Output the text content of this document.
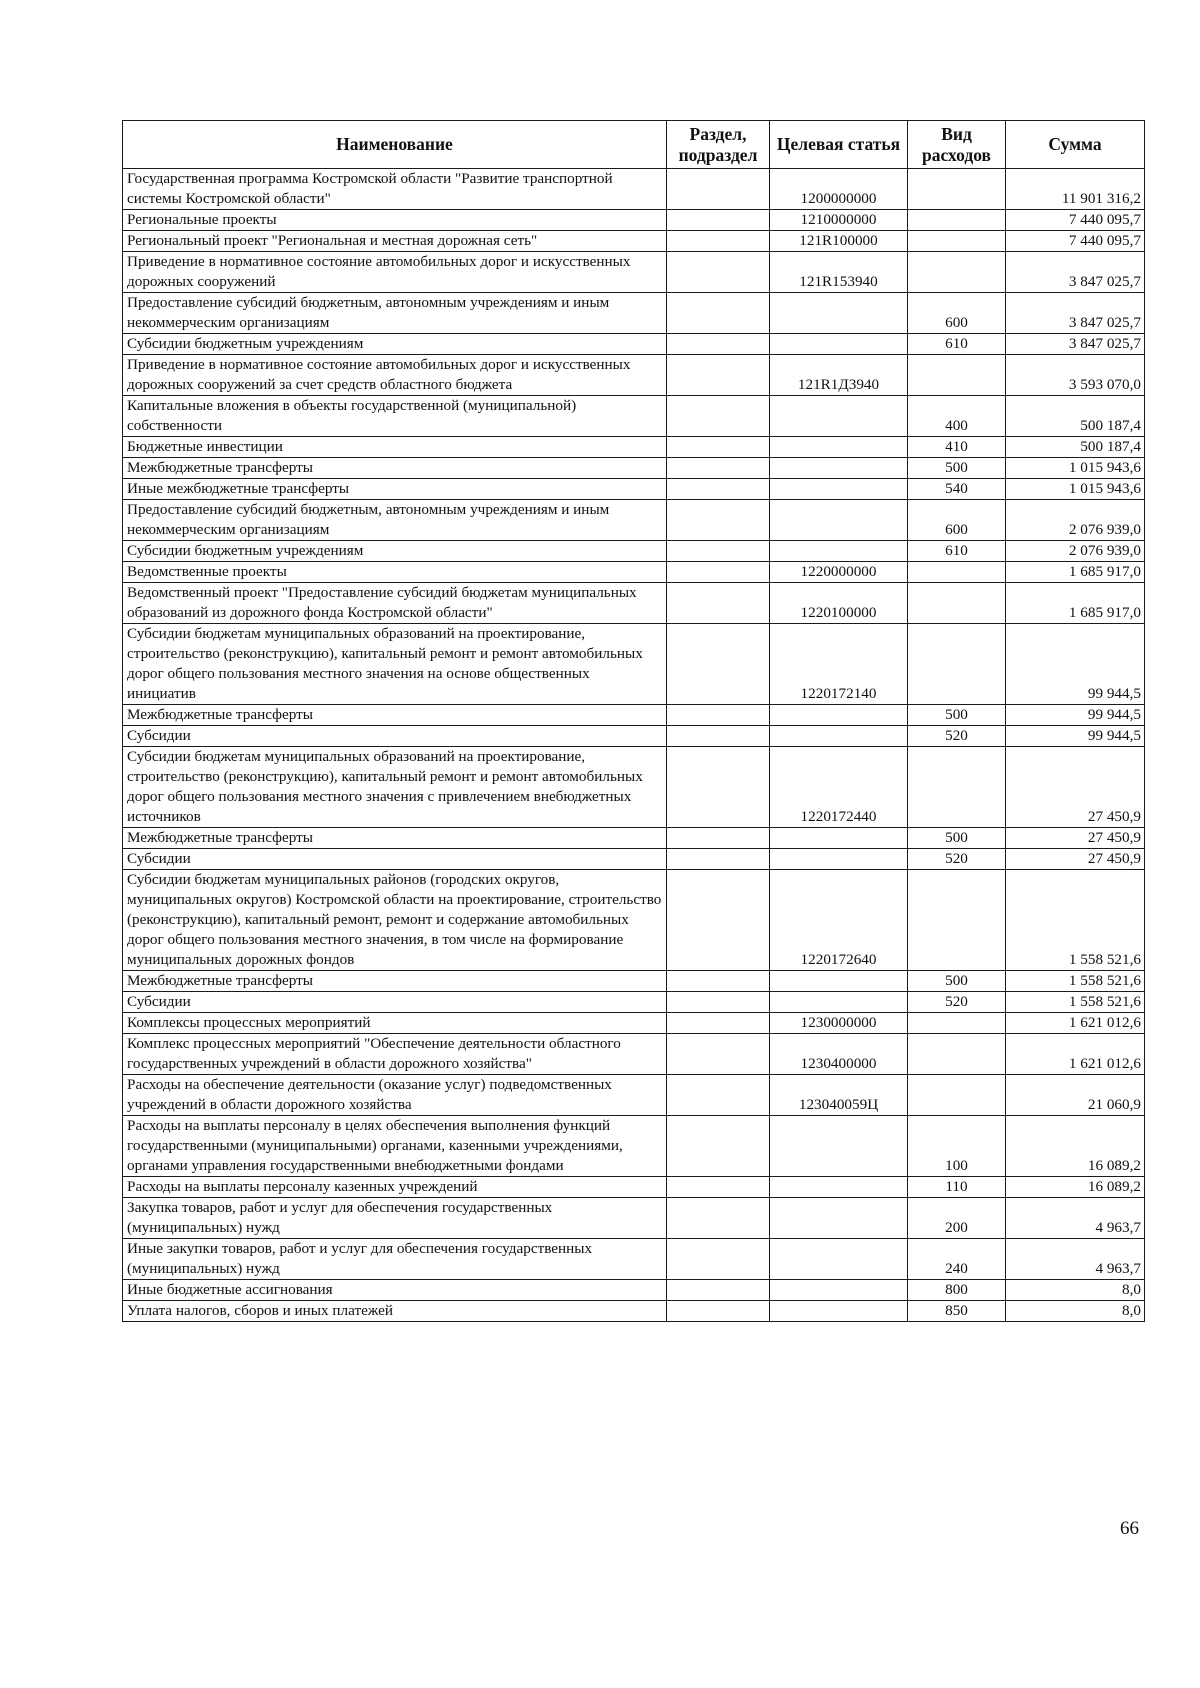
Наименование	Раздел, подраздел	Целевая статья	Вид расходов	Сумма
Государственная программа Костромской области "Развитие транспортной системы Костромской области"		1200000000		11 901 316,2
Региональные проекты		1210000000		7 440 095,7
Региональный проект "Региональная и местная дорожная сеть"		121R100000		7 440 095,7
Приведение в нормативное состояние автомобильных дорог и искусственных дорожных сооружений		121R153940		3 847 025,7
Предоставление субсидий бюджетным, автономным учреждениям и иным некоммерческим организациям			600	3 847 025,7
Субсидии бюджетным учреждениям			610	3 847 025,7
Приведение в нормативное состояние автомобильных дорог и искусственных дорожных сооружений за счет средств областного бюджета		121R1Д3940		3 593 070,0
Капитальные вложения в объекты государственной (муниципальной) собственности			400	500 187,4
Бюджетные инвестиции			410	500 187,4
Межбюджетные трансферты			500	1 015 943,6
Иные межбюджетные трансферты			540	1 015 943,6
Предоставление субсидий бюджетным, автономным учреждениям и иным некоммерческим организациям			600	2 076 939,0
Субсидии бюджетным учреждениям			610	2 076 939,0
Ведомственные проекты		1220000000		1 685 917,0
Ведомственный проект "Предоставление субсидий бюджетам муниципальных образований из дорожного фонда Костромской области"		1220100000		1 685 917,0
Субсидии бюджетам муниципальных образований на проектирование, строительство (реконструкцию), капитальный ремонт и ремонт автомобильных дорог общего пользования местного значения на основе общественных инициатив		1220172140		99 944,5
Межбюджетные трансферты			500	99 944,5
Субсидии			520	99 944,5
Субсидии бюджетам муниципальных образований на проектирование, строительство (реконструкцию), капитальный ремонт и ремонт автомобильных дорог общего пользования местного значения с привлечением внебюджетных источников		1220172440		27 450,9
Межбюджетные трансферты			500	27 450,9
Субсидии			520	27 450,9
Субсидии бюджетам муниципальных районов (городских округов, муниципальных округов) Костромской области на проектирование, строительство (реконструкцию), капитальный ремонт, ремонт и содержание автомобильных дорог общего пользования местного значения, в том числе на формирование муниципальных дорожных фондов		1220172640		1 558 521,6
Межбюджетные трансферты			500	1 558 521,6
Субсидии			520	1 558 521,6
Комплексы процессных мероприятий		1230000000		1 621 012,6
Комплекс процессных мероприятий "Обеспечение деятельности областного государственных учреждений в области дорожного хозяйства"		1230400000		1 621 012,6
Расходы на обеспечение деятельности (оказание услуг) подведомственных учреждений в области дорожного хозяйства		123040059Ц		21 060,9
Расходы на выплаты персоналу в целях обеспечения выполнения функций государственными (муниципальными) органами, казенными учреждениями, органами управления государственными внебюджетными фондами			100	16 089,2
Расходы на выплаты персоналу казенных учреждений			110	16 089,2
Закупка товаров, работ и услуг для обеспечения государственных (муниципальных) нужд			200	4 963,7
Иные закупки товаров, работ и услуг для обеспечения государственных (муниципальных) нужд			240	4 963,7
Иные бюджетные ассигнования			800	8,0
Уплата налогов, сборов и иных платежей			850	8,0
66
